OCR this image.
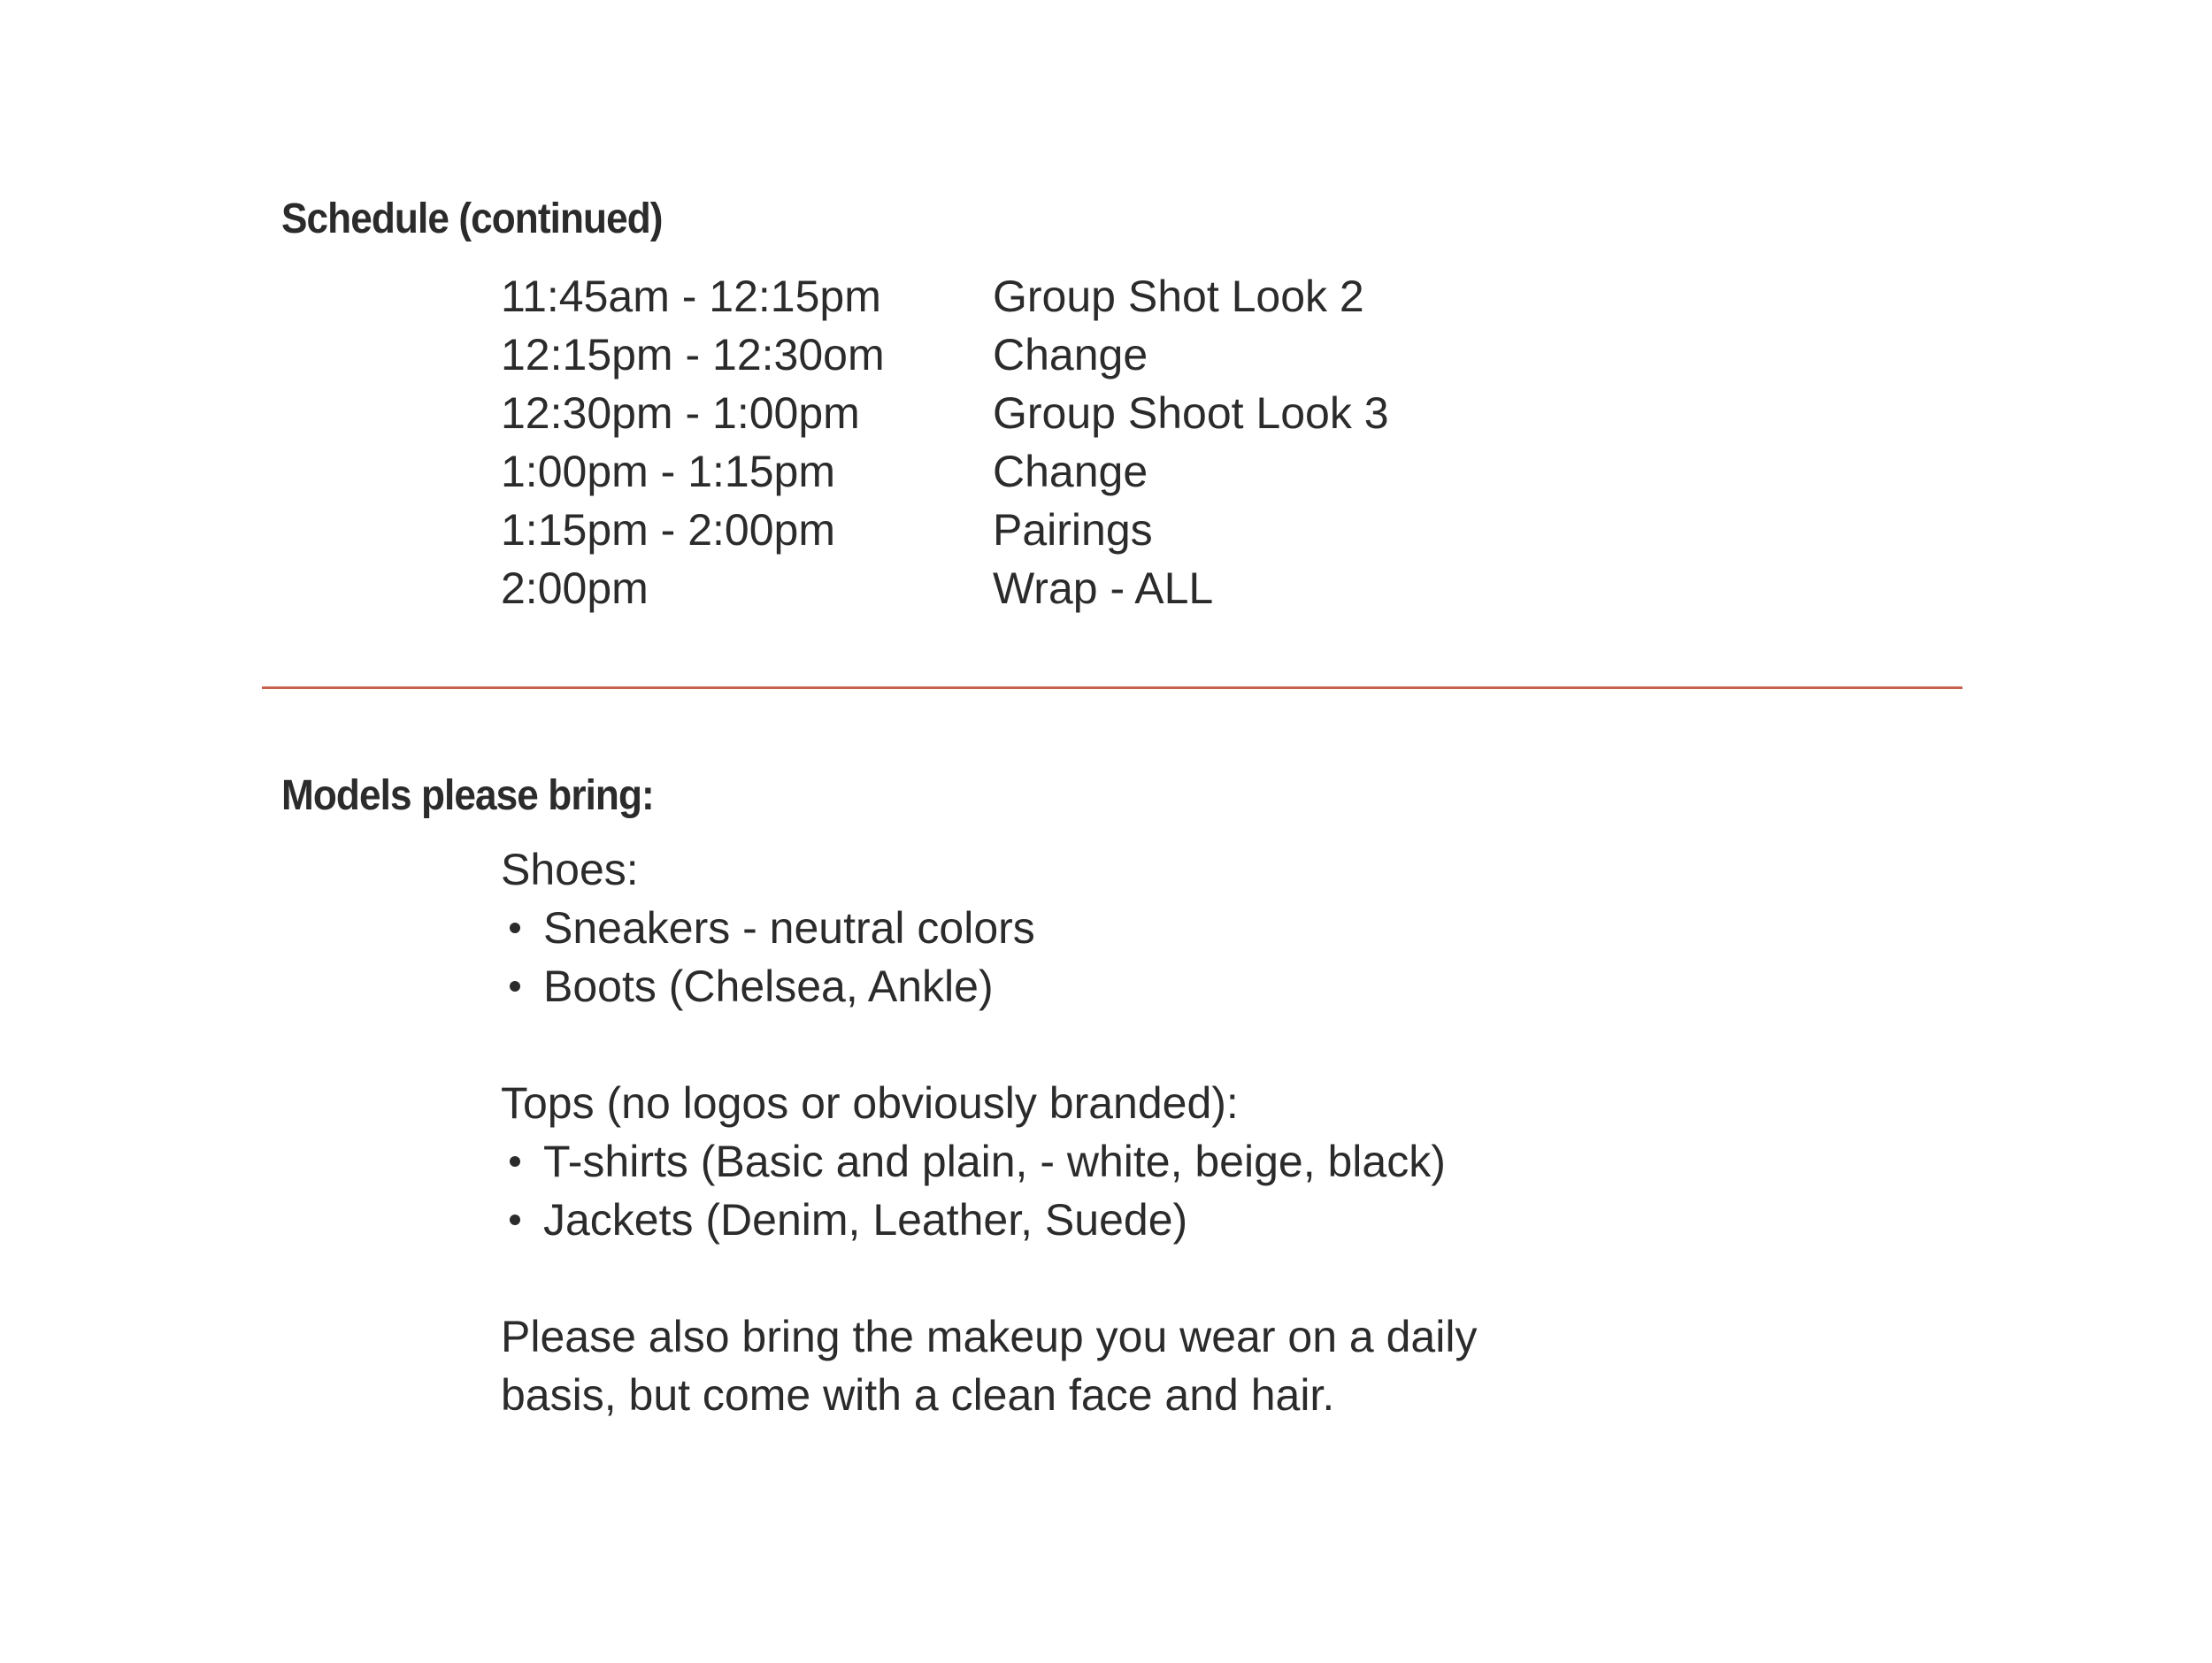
Schedule (continued)
11:45am - 12:15pm	Group Shot Look 2
12:15pm - 12:30om Change
12:30pm - 1:00pm	Group Shoot Look 3
1:00pm - 1:15pm	Change
1:15pm - 2:00pm	Pairings
2:00pm	Wrap - ALL
Models please bring:
Shoes:
Sneakers - neutral colors
Boots (Chelsea, Ankle)
Tops (no logos or obviously branded):
T-shirts (Basic and plain, - white, beige, black)
Jackets (Denim, Leather, Suede)
Please also bring the makeup you wear on a daily
basis, but come with a clean face and hair.
